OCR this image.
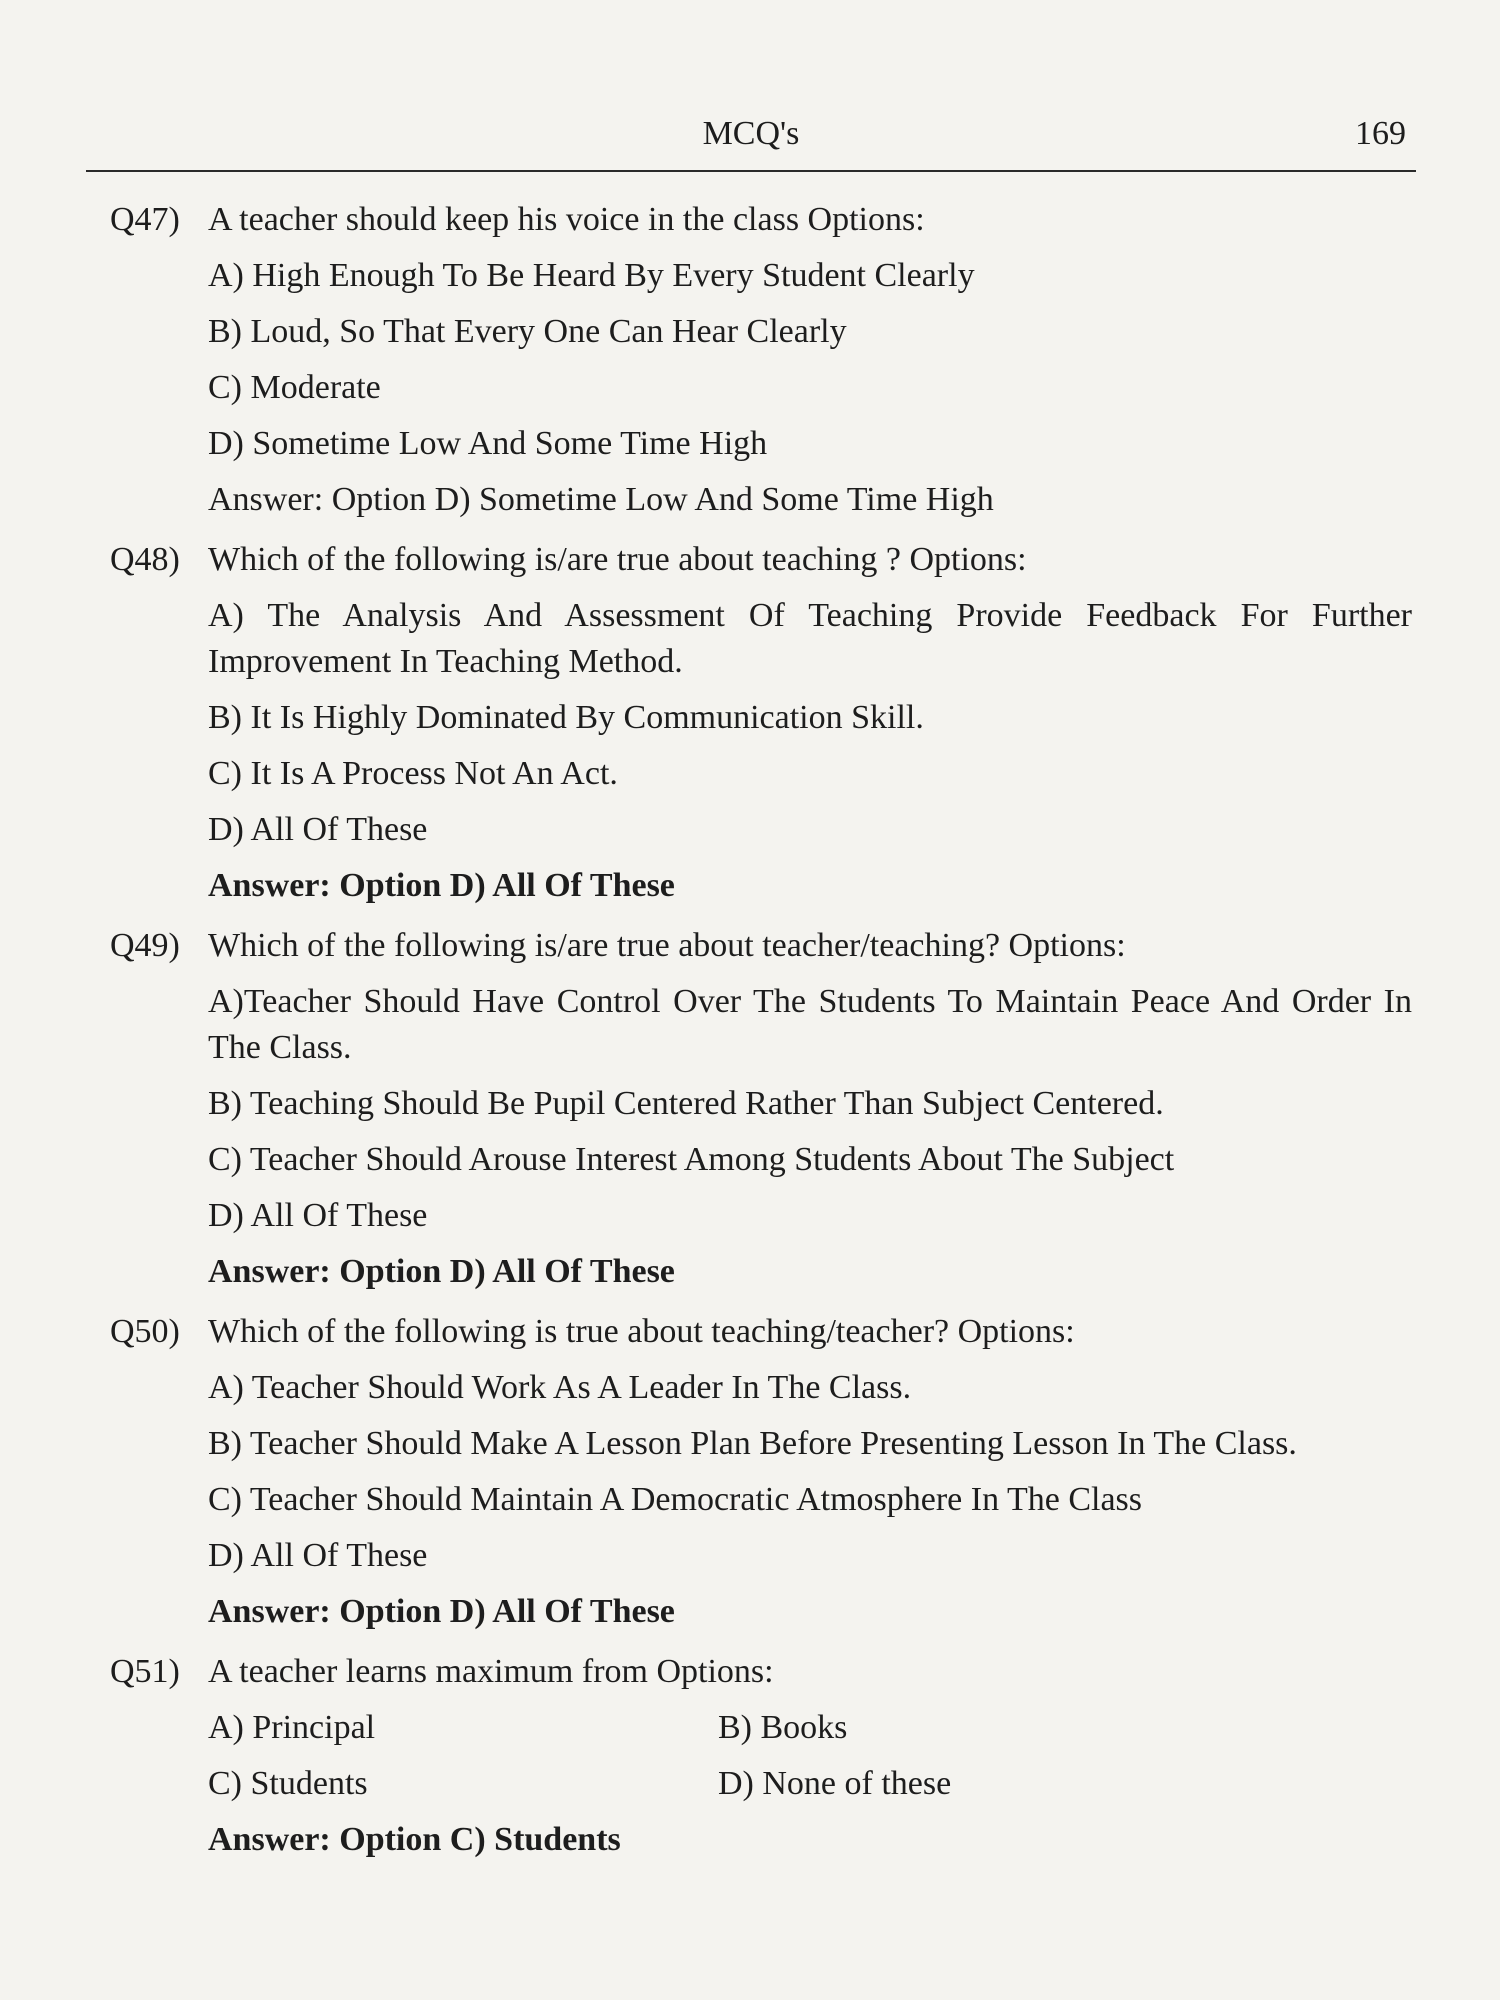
MCQ's	169
Q47) A teacher should keep his voice in the class Options:
A) High Enough To Be Heard By Every Student Clearly
B) Loud, So That Every One Can Hear Clearly
C) Moderate
D) Sometime Low And Some Time High
Answer: Option D) Sometime Low And Some Time High
Q48) Which of the following is/are true about teaching ? Options:
A) The Analysis And Assessment Of Teaching Provide Feedback For Further Improvement In Teaching Method.
B) It Is Highly Dominated By Communication Skill.
C) It Is A Process Not An Act.
D) All Of These
Answer: Option D) All Of These
Q49) Which of the following is/are true about teacher/teaching? Options:
A)Teacher Should Have Control Over The Students To Maintain Peace And Order In The Class.
B) Teaching Should Be Pupil Centered Rather Than Subject Centered.
C) Teacher Should Arouse Interest Among Students About The Subject
D) All Of These
Answer: Option D) All Of These
Q50) Which of the following is true about teaching/teacher? Options:
A) Teacher Should Work As A Leader In The Class.
B) Teacher Should Make A Lesson Plan Before Presenting Lesson In The Class.
C) Teacher Should Maintain A Democratic Atmosphere In The Class
D) All Of These
Answer: Option D) All Of These
Q51) A teacher learns maximum from Options:
A) Principal	B) Books
C) Students	D) None of these
Answer: Option C) Students
